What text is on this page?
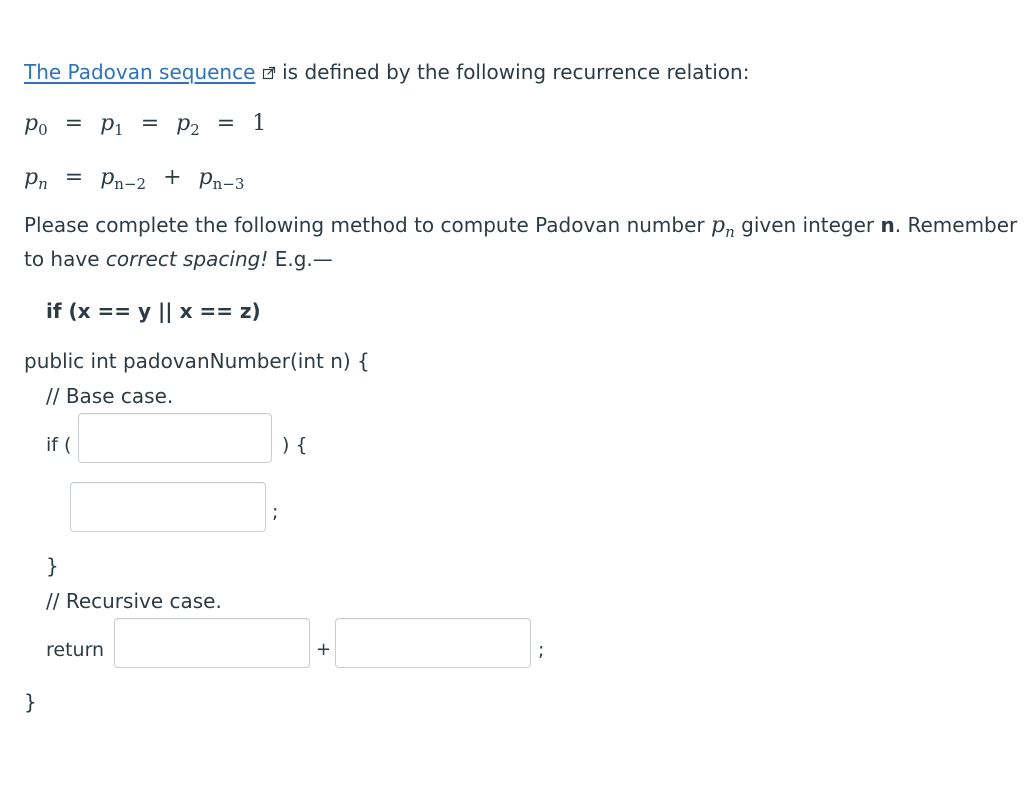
The Padovan sequence  is defined by the following recurrence relation:
$p_0 = p_1 = p_2 = 1$
$p_n = p_{n-2} + p_{n-3}$
Please complete the following method to compute Padovan number $p_n$ given integer n. Remember
to have correct spacing! E.g.—
if (x == y || x == z)
public int padovanNumber(int n) {
// Base case.
if (	) {
;
}
// Recursive case.
return	+	;
}
